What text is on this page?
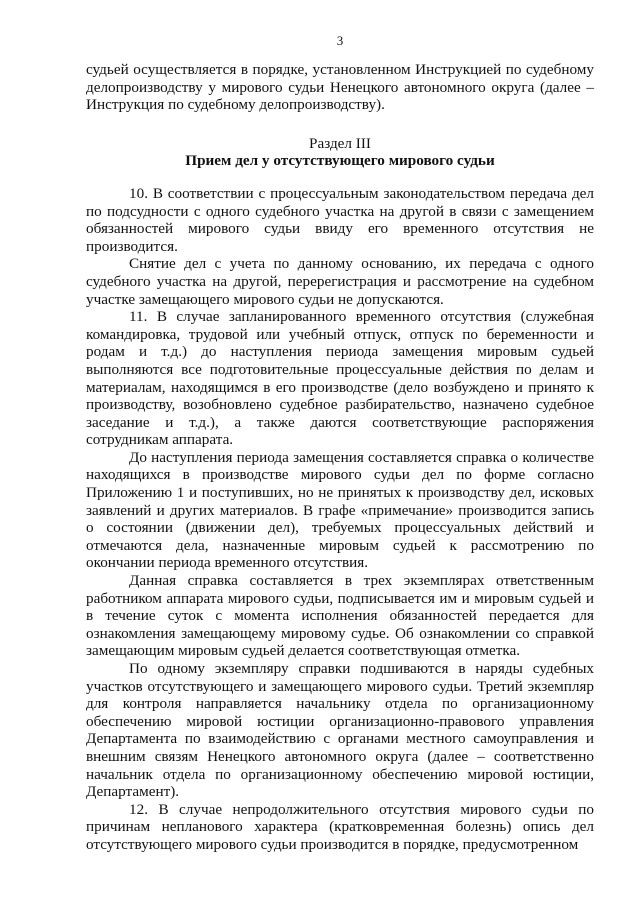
3

судьей осуществляется в порядке, установленном Инструкцией по судебному делопроизводству у мирового судьи Ненецкого автономного округа (далее – Инструкция по судебному делопроизводству).

Раздел III
Прием дел у отсутствующего мирового судьи

10. В соответствии с процессуальным законодательством передача дел по подсудности с одного судебного участка на другой в связи с замещением обязанностей мирового судьи ввиду его временного отсутствия не производится.

Снятие дел с учета по данному основанию, их передача с одного судебного участка на другой, перерегистрация и рассмотрение на судебном участке замещающего мирового судьи не допускаются.

11. В случае запланированного временного отсутствия (служебная командировка, трудовой или учебный отпуск, отпуск по беременности и родам и т.д.) до наступления периода замещения мировым судьей выполняются все подготовительные процессуальные действия по делам и материалам, находящимся в его производстве (дело возбуждено и принято к производству, возобновлено судебное разбирательство, назначено судебное заседание и т.д.), а также даются соответствующие распоряжения сотрудникам аппарата.

До наступления периода замещения составляется справка о количестве находящихся в производстве мирового судьи дел по форме согласно Приложению 1 и поступивших, но не принятых к производству дел, исковых заявлений и других материалов. В графе «примечание» производится запись о состоянии (движении дел), требуемых процессуальных действий и отмечаются дела, назначенные мировым судьей к рассмотрению по окончании периода временного отсутствия.

Данная справка составляется в трех экземплярах ответственным работником аппарата мирового судьи, подписывается им и мировым судьей и в течение суток с момента исполнения обязанностей передается для ознакомления замещающему мировому судье. Об ознакомлении со справкой замещающим мировым судьей делается соответствующая отметка.

По одному экземпляру справки подшиваются в наряды судебных участков отсутствующего и замещающего мирового судьи. Третий экземпляр для контроля направляется начальнику отдела по организационному обеспечению мировой юстиции организационно-правового управления Департамента по взаимодействию с органами местного самоуправления и внешним связям Ненецкого автономного округа (далее – соответственно начальник отдела по организационному обеспечению мировой юстиции, Департамент).

12. В случае непродолжительного отсутствия мирового судьи по причинам непланового характера (кратковременная болезнь) опись дел отсутствующего мирового судьи производится в порядке, предусмотренном
